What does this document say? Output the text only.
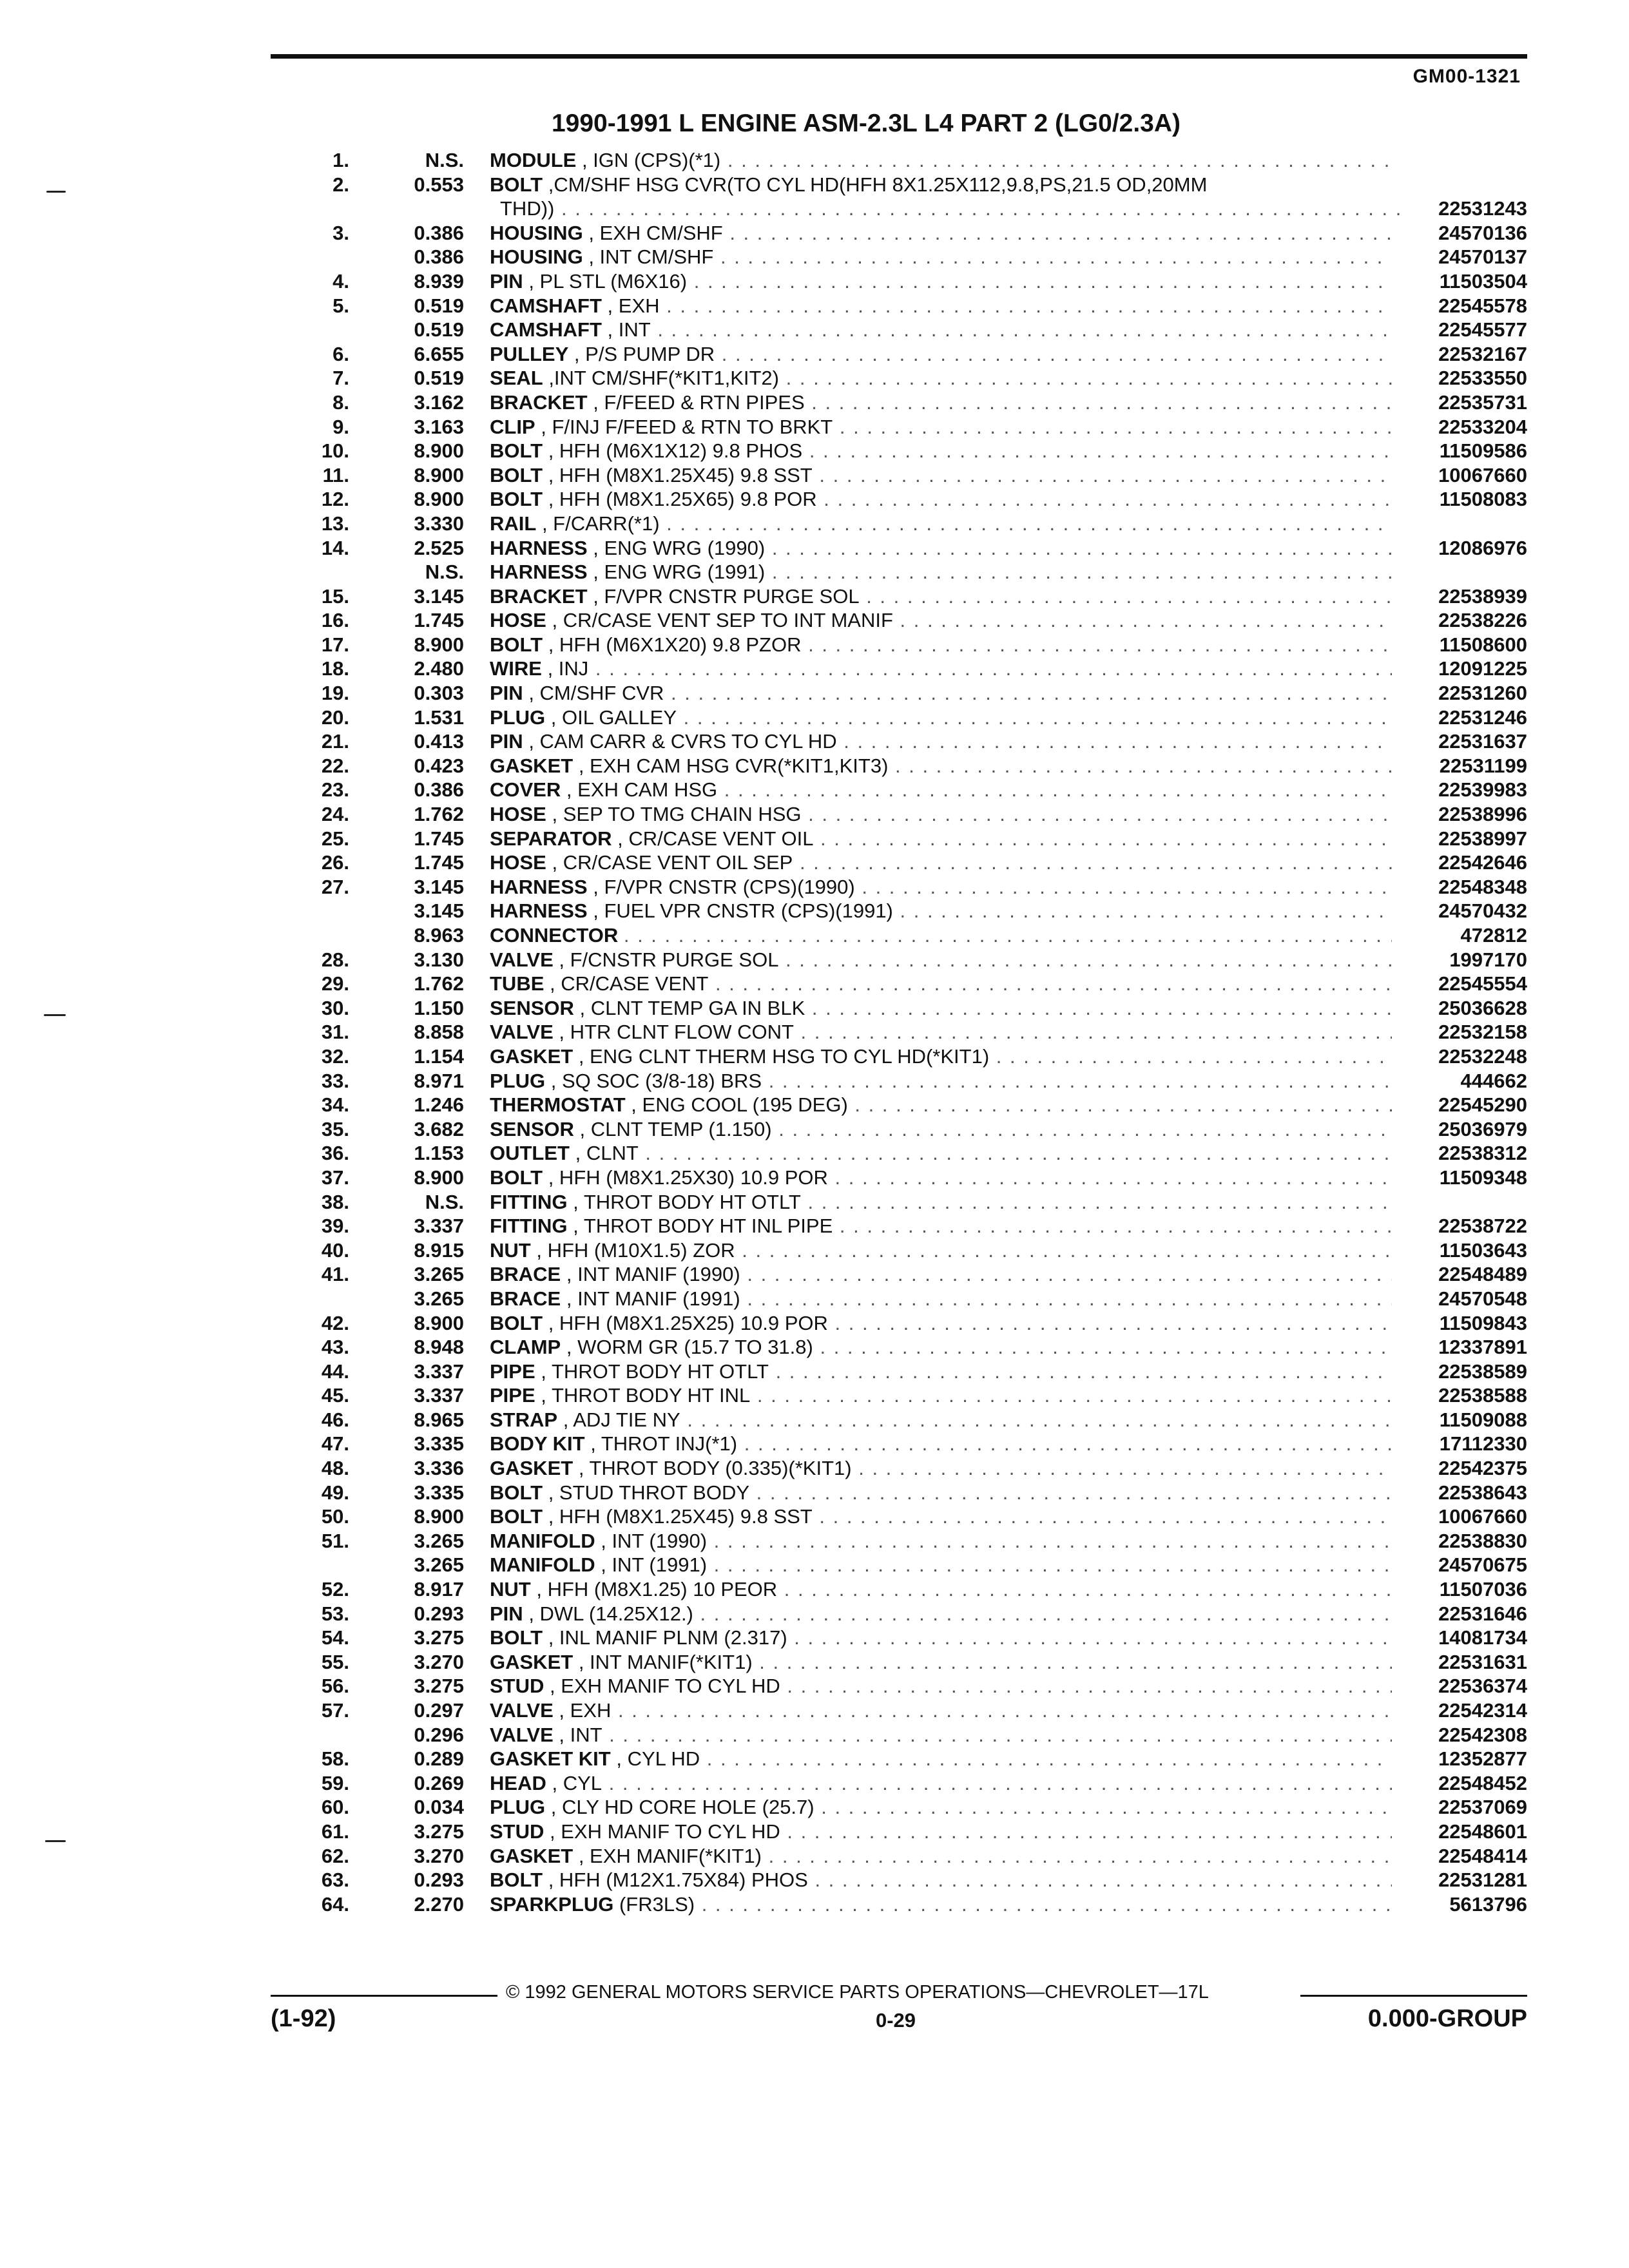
GM00-1321
1990-1991 L ENGINE ASM-2.3L L4 PART 2 (LG0/2.3A)
1.	N.S. MODULE , IGN (CPS)(*1) . . .
2.	0.553 BOLT ,CM/SHF HSG CVR(TO CYL HD(HFH 8X1.25X112,9.8,PS,21.5 OD,20MM
THD)) . . .	22531243
3.	0.386 HOUSING , EXH CM/SHF . . .	24570136
0.386 HOUSING , INT CM/SHF . . .	24570137
4.	8.939 PIN , PL STL (M6X16) . . .	11503504
5.	0.519 CAMSHAFT , EXH . . .	22545578
0.519 CAMSHAFT , INT . . .	22545577
6.	6.655 PULLEY , P/S PUMP DR . . .	22532167
7.	0.519 SEAL ,INT CM/SHF(*KIT1,KIT2) . . .	22533550
8.	3.162 BRACKET , F/FEED & RTN PIPES . . .	22535731
9.	3.163 CLIP , F/INJ F/FEED & RTN TO BRKT . . .	22533204
10.	8.900 BOLT , HFH (M6X1X12) 9.8 PHOS . . .	11509586
11.	8.900 BOLT , HFH (M8X1.25X45) 9.8 SST . . .	10067660
12.	8.900 BOLT , HFH (M8X1.25X65) 9.8 POR . . .	11508083
13.	3.330 RAIL , F/CARR(*1) . . .
14.	2.525 HARNESS , ENG WRG (1990) . . .	12086976
N.S. HARNESS , ENG WRG (1991) . . .
15.	3.145 BRACKET , F/VPR CNSTR PURGE SOL . . .	22538939
16.	1.745 HOSE , CR/CASE VENT SEP TO INT MANIF . . .	22538226
17.	8.900 BOLT , HFH (M6X1X20) 9.8 PZOR . . .	11508600
18.	2.480 WIRE , INJ . . .	12091225
19.	0.303 PIN , CM/SHF CVR . . .	22531260
20.	1.531 PLUG , OIL GALLEY . . .	22531246
21.	0.413 PIN , CAM CARR & CVRS TO CYL HD . . .	22531637
22.	0.423 GASKET , EXH CAM HSG CVR(*KIT1,KIT3) . . .	22531199
23.	0.386 COVER , EXH CAM HSG . . .	22539983
24.	1.762 HOSE , SEP TO TMG CHAIN HSG . . .	22538996
25.	1.745 SEPARATOR , CR/CASE VENT OIL . . .	22538997
26.	1.745 HOSE , CR/CASE VENT OIL SEP . . .	22542646
27.	3.145 HARNESS , F/VPR CNSTR (CPS)(1990) . . .	22548348
3.145 HARNESS , FUEL VPR CNSTR (CPS)(1991) . . .	24570432
8.963 CONNECTOR . . .	472812
28.	3.130 VALVE , F/CNSTR PURGE SOL . . .	1997170
29.	1.762 TUBE , CR/CASE VENT . . .	22545554
30.	1.150 SENSOR , CLNT TEMP GA IN BLK . . .	25036628
31.	8.858 VALVE , HTR CLNT FLOW CONT . . .	22532158
32.	1.154 GASKET , ENG CLNT THERM HSG TO CYL HD(*KIT1) . . .	22532248
33.	8.971 PLUG , SQ SOC (3/8-18) BRS . . .	444662
34.	1.246 THERMOSTAT , ENG COOL (195 DEG) . . .	22545290
35.	3.682 SENSOR , CLNT TEMP (1.150) . . .	25036979
36.	1.153 OUTLET , CLNT . . .	22538312
37.	8.900 BOLT , HFH (M8X1.25X30) 10.9 POR . . .	11509348
38.	N.S. FITTING , THROT BODY HT OTLT . . .
39.	3.337 FITTING , THROT BODY HT INL PIPE . . .	22538722
40.	8.915 NUT , HFH (M10X1.5) ZOR . . .	11503643
41.	3.265 BRACE , INT MANIF (1990) . . .	22548489
3.265 BRACE , INT MANIF (1991) . . .	24570548
42.	8.900 BOLT , HFH (M8X1.25X25) 10.9 POR . . .	11509843
43.	8.948 CLAMP , WORM GR (15.7 TO 31.8) . . .	12337891
44.	3.337 PIPE , THROT BODY HT OTLT . . .	22538589
45.	3.337 PIPE , THROT BODY HT INL . . .	22538588
46.	8.965 STRAP , ADJ TIE NY . . .	11509088
47.	3.335 BODY KIT , THROT INJ(*1) . . .	17112330
48.	3.336 GASKET , THROT BODY (0.335)(*KIT1) . . .	22542375
49.	3.335 BOLT , STUD THROT BODY . . .	22538643
50.	8.900 BOLT , HFH (M8X1.25X45) 9.8 SST . . .	10067660
51.	3.265 MANIFOLD , INT (1990) . . .	22538830
3.265 MANIFOLD , INT (1991) . . .	24570675
52.	8.917 NUT , HFH (M8X1.25) 10 PEOR . . .	11507036
53.	0.293 PIN , DWL (14.25X12.) . . .	22531646
54.	3.275 BOLT , INL MANIF PLNM (2.317) . . .	14081734
55.	3.270 GASKET , INT MANIF(*KIT1) . . .	22531631
56.	3.275 STUD , EXH MANIF TO CYL HD . . .	22536374
57.	0.297 VALVE , EXH . . .	22542314
0.296 VALVE , INT . . .	22542308
58.	0.289 GASKET KIT , CYL HD . . .	12352877
59.	0.269 HEAD , CYL . . .	22548452
60.	0.034 PLUG , CLY HD CORE HOLE (25.7) . . .	22537069
61.	3.275 STUD , EXH MANIF TO CYL HD . . .	22548601
62.	3.270 GASKET , EXH MANIF(*KIT1) . . .	22548414
63.	0.293 BOLT , HFH (M12X1.75X84) PHOS . . .	22531281
64.	2.270 SPARKPLUG (FR3LS) . . .	5613796
© 1992 GENERAL MOTORS SERVICE PARTS OPERATIONS—CHEVROLET—17L
(1-92)	0-29	0.000-GROUP
